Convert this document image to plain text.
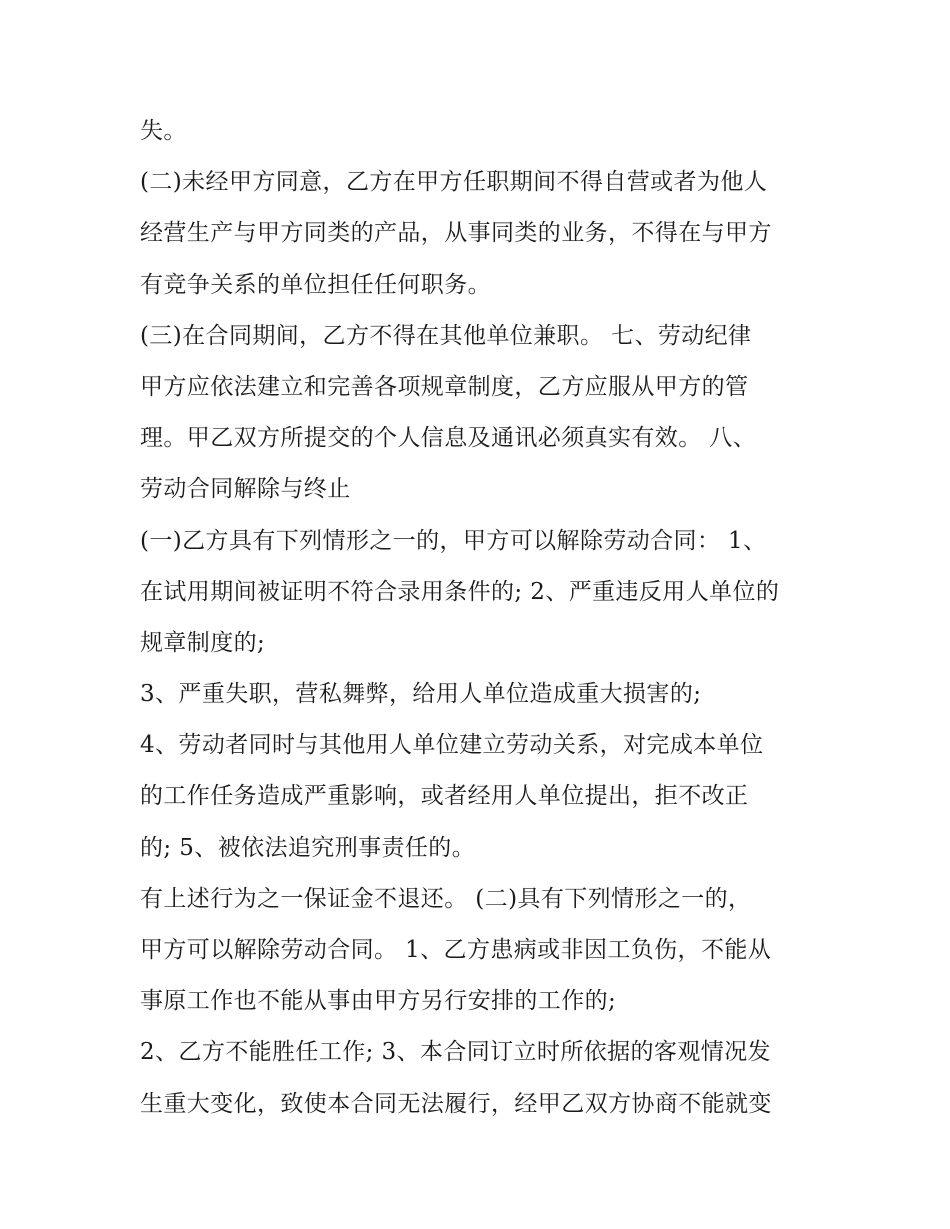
失。
(二)未经甲方同意，乙方在甲方任职期间不得自营或者为他人
经营生产与甲方同类的产品，从事同类的业务，不得在与甲方
有竞争关系的单位担任任何职务。
(三)在合同期间，乙方不得在其他单位兼职。 七、劳动纪律
甲方应依法建立和完善各项规章制度，乙方应服从甲方的管
理。甲乙双方所提交的个人信息及通讯必须真实有效。 八、
劳动合同解除与终止
(一)乙方具有下列情形之一的，甲方可以解除劳动合同： 1、
在试用期间被证明不符合录用条件的; 2、严重违反用人单位的
规章制度的;
3、严重失职，营私舞弊，给用人单位造成重大损害的;
4、劳动者同时与其他用人单位建立劳动关系，对完成本单位
的工作任务造成严重影响，或者经用人单位提出，拒不改正
的; 5、被依法追究刑事责任的。
有上述行为之一保证金不退还。 (二)具有下列情形之一的，
甲方可以解除劳动合同。 1、乙方患病或非因工负伤，不能从
事原工作也不能从事由甲方另行安排的工作的;
2、乙方不能胜任工作; 3、本合同订立时所依据的客观情况发
生重大变化，致使本合同无法履行，经甲乙双方协商不能就变
